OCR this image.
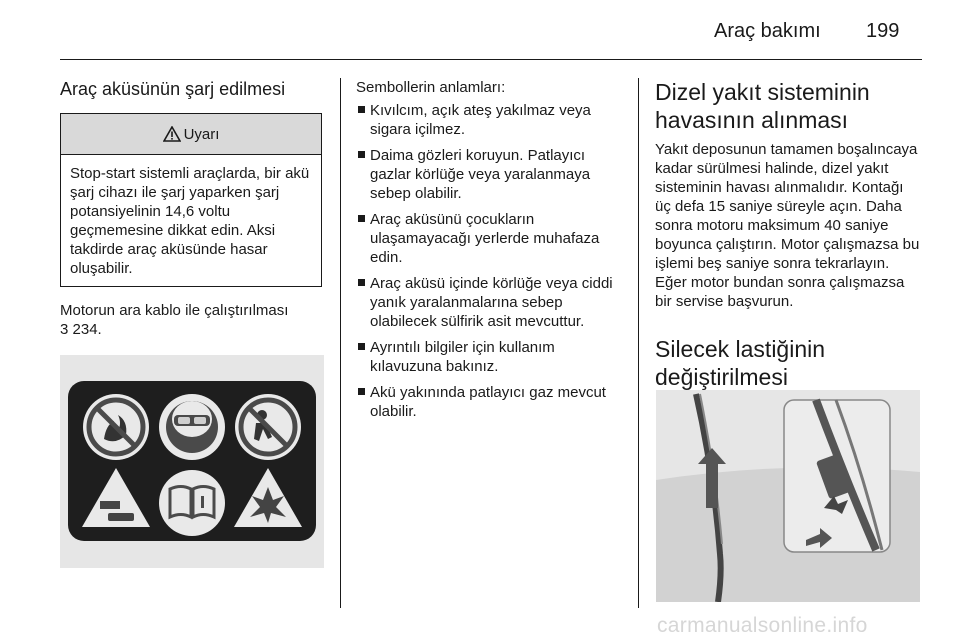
Araç bakımı 199
Araç aküsünün şarj edilmesi
Uyarı
Stop-start sistemli araçlarda, bir akü şarj cihazı ile şarj yaparken şarj potansiyelinin 14,6 voltu geçmemesine dikkat edin. Aksi takdirde araç aküsünde hasar oluşabilir.

Motorun ara kablo ile çalıştırılması
3 234.

Sembollerin anlamları:

Kıvılcım, açık ateş yakılmaz veya sigara içilmez.
Daima gözleri koruyun. Patlayıcı gazlar körlüğe veya yaralanmaya sebep olabilir.
Araç aküsünü çocukların ulaşamayacağı yerlerde muhafaza edin.
Araç aküsü içinde körlüğe veya ciddi yanık yaralanmalarına sebep olabilecek sülfirik asit mevcuttur.
Ayrıntılı bilgiler için kullanım kılavuzuna bakınız.
Akü yakınında patlayıcı gaz mevcut olabilir.
Dizel yakıt sisteminin havasının alınması

Yakıt deposunun tamamen boşalıncaya kadar sürülmesi halinde, dizel yakıt sisteminin havası alınmalıdır. Kontağı üç defa 15 saniye süreyle açın. Daha sonra motoru maksimum 40 saniye boyunca çalıştırın. Motor çalışmazsa bu işlemi beş saniye sonra tekrarlayın. Eğer motor bundan sonra çalışmazsa bir servise başvurun.

Silecek lastiğinin değiştirilmesi
carmanualsonline.info
